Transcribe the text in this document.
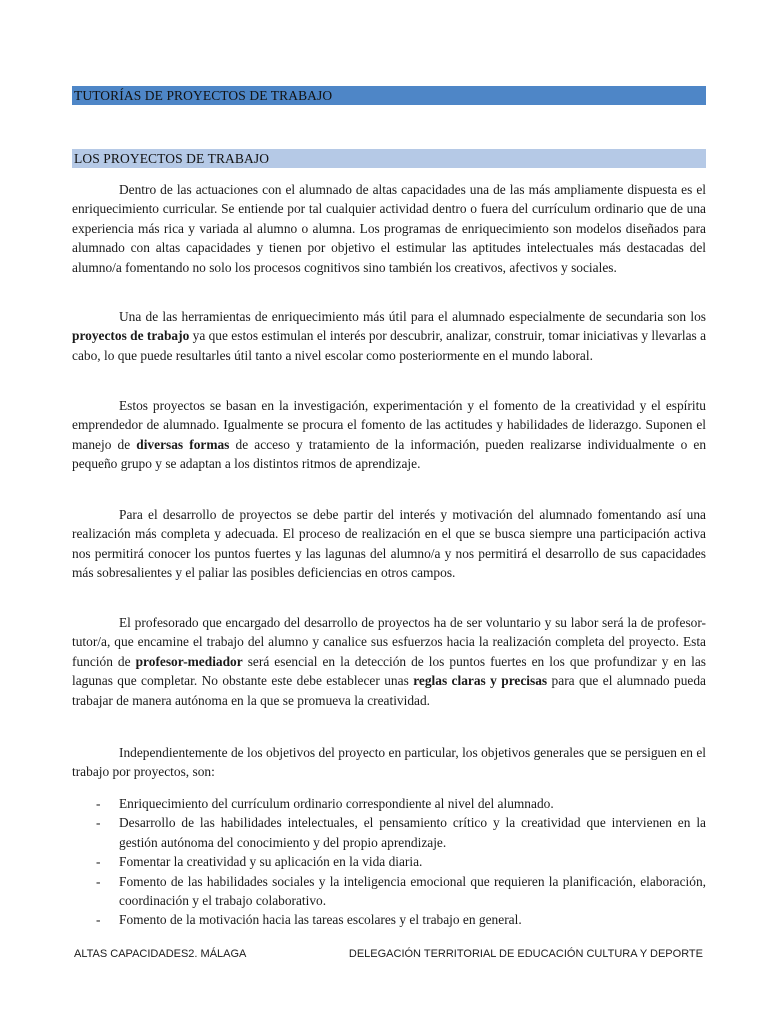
TUTORÍAS DE PROYECTOS DE TRABAJO
LOS PROYECTOS DE TRABAJO

Dentro de las actuaciones con el alumnado de altas capacidades una de las más ampliamente dispuesta es el enriquecimiento curricular. Se entiende por tal cualquier actividad dentro o fuera del currículum ordinario que de una experiencia más rica y variada al alumno o alumna. Los programas de enriquecimiento son modelos diseñados para alumnado con altas capacidades y tienen por objetivo el estimular las aptitudes intelectuales más destacadas del alumno/a fomentando no solo los procesos cognitivos sino también los creativos, afectivos y sociales.

Una de las herramientas de enriquecimiento más útil para el alumnado especialmente de secundaria son los proyectos de trabajo ya que estos estimulan el interés por descubrir, analizar, construir, tomar iniciativas y llevarlas a cabo, lo que puede resultarles útil tanto a nivel escolar como posteriormente en el mundo laboral.

Estos proyectos se basan en la investigación, experimentación y el fomento de la creatividad y el espíritu emprendedor de alumnado. Igualmente se procura el fomento de las actitudes y habilidades de liderazgo. Suponen el manejo de diversas formas de acceso y tratamiento de la información, pueden realizarse individualmente o en pequeño grupo y se adaptan a los distintos ritmos de aprendizaje.

Para el desarrollo de proyectos se debe partir del interés y motivación del alumnado fomentando así una realización más completa y adecuada. El proceso de realización en el que se busca siempre una participación activa nos permitirá conocer los puntos fuertes y las lagunas del alumno/a y nos permitirá el desarrollo de sus capacidades más sobresalientes y el paliar las posibles deficiencias en otros campos.

El profesorado que encargado del desarrollo de proyectos ha de ser voluntario y su labor será la de profesor- tutor/a, que encamine el trabajo del alumno y canalice sus esfuerzos hacia la realización completa del proyecto. Esta función de profesor-mediador será esencial en la detección de los puntos fuertes en los que profundizar y en las lagunas que completar. No obstante este debe establecer unas reglas claras y precisas para que el alumnado pueda trabajar de manera autónoma en la que se promueva la creatividad.

Independientemente de los objetivos del proyecto en particular, los objetivos generales que se persiguen en el trabajo por proyectos, son:

- Enriquecimiento del currículum ordinario correspondiente al nivel del alumnado.
- Desarrollo de las habilidades intelectuales, el pensamiento crítico y la creatividad que intervienen en la gestión autónoma del conocimiento y del propio aprendizaje.
- Fomentar la creatividad y su aplicación en la vida diaria.
- Fomento de las habilidades sociales y la inteligencia emocional que requieren la planificación, elaboración, coordinación y el trabajo colaborativo.
- Fomento de la motivación hacia las tareas escolares y el trabajo en general.
ALTAS CAPACIDADES2. MÁLAGA	DELEGACIÓN TERRITORIAL DE EDUCACIÓN CULTURA Y DEPORTE
